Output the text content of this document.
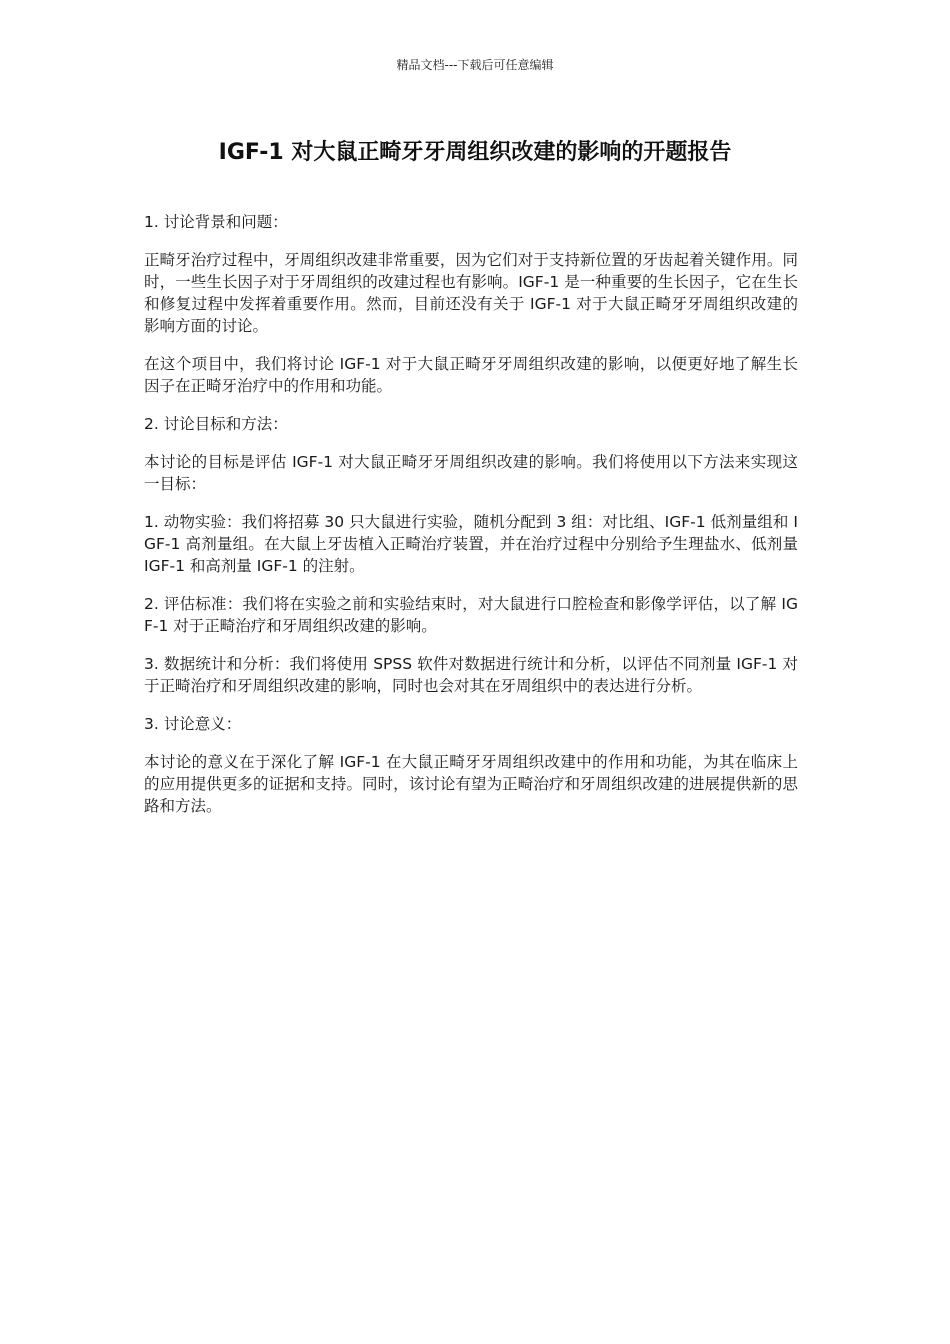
精品文档---下载后可任意编辑
IGF-1 对大鼠正畸牙牙周组织改建的影响的开题报告

1. 讨论背景和问题：

正畸牙治疗过程中，牙周组织改建非常重要，因为它们对于支持新位置的牙齿起着关键作用。同时，一些生长因子对于牙周组织的改建过程也有影响。IGF-1 是一种重要的生长因子，它在生长和修复过程中发挥着重要作用。然而，目前还没有关于 IGF-1 对于大鼠正畸牙牙周组织改建的影响方面的讨论。

在这个项目中，我们将讨论 IGF-1 对于大鼠正畸牙牙周组织改建的影响，以便更好地了解生长因子在正畸牙治疗中的作用和功能。

2. 讨论目标和方法：

本讨论的目标是评估 IGF-1 对大鼠正畸牙牙周组织改建的影响。我们将使用以下方法来实现这一目标：

1. 动物实验：我们将招募 30 只大鼠进行实验，随机分配到 3 组：对比组、IGF-1 低剂量组和 IGF-1 高剂量组。在大鼠上牙齿植入正畸治疗装置，并在治疗过程中分别给予生理盐水、低剂量 IGF-1 和高剂量 IGF-1 的注射。

2. 评估标准：我们将在实验之前和实验结束时，对大鼠进行口腔检查和影像学评估，以了解 IGF-1 对于正畸治疗和牙周组织改建的影响。

3. 数据统计和分析：我们将使用 SPSS 软件对数据进行统计和分析，以评估不同剂量 IGF-1 对于正畸治疗和牙周组织改建的影响，同时也会对其在牙周组织中的表达进行分析。

3. 讨论意义：

本讨论的意义在于深化了解 IGF-1 在大鼠正畸牙牙周组织改建中的作用和功能，为其在临床上的应用提供更多的证据和支持。同时，该讨论有望为正畸治疗和牙周组织改建的进展提供新的思路和方法。
